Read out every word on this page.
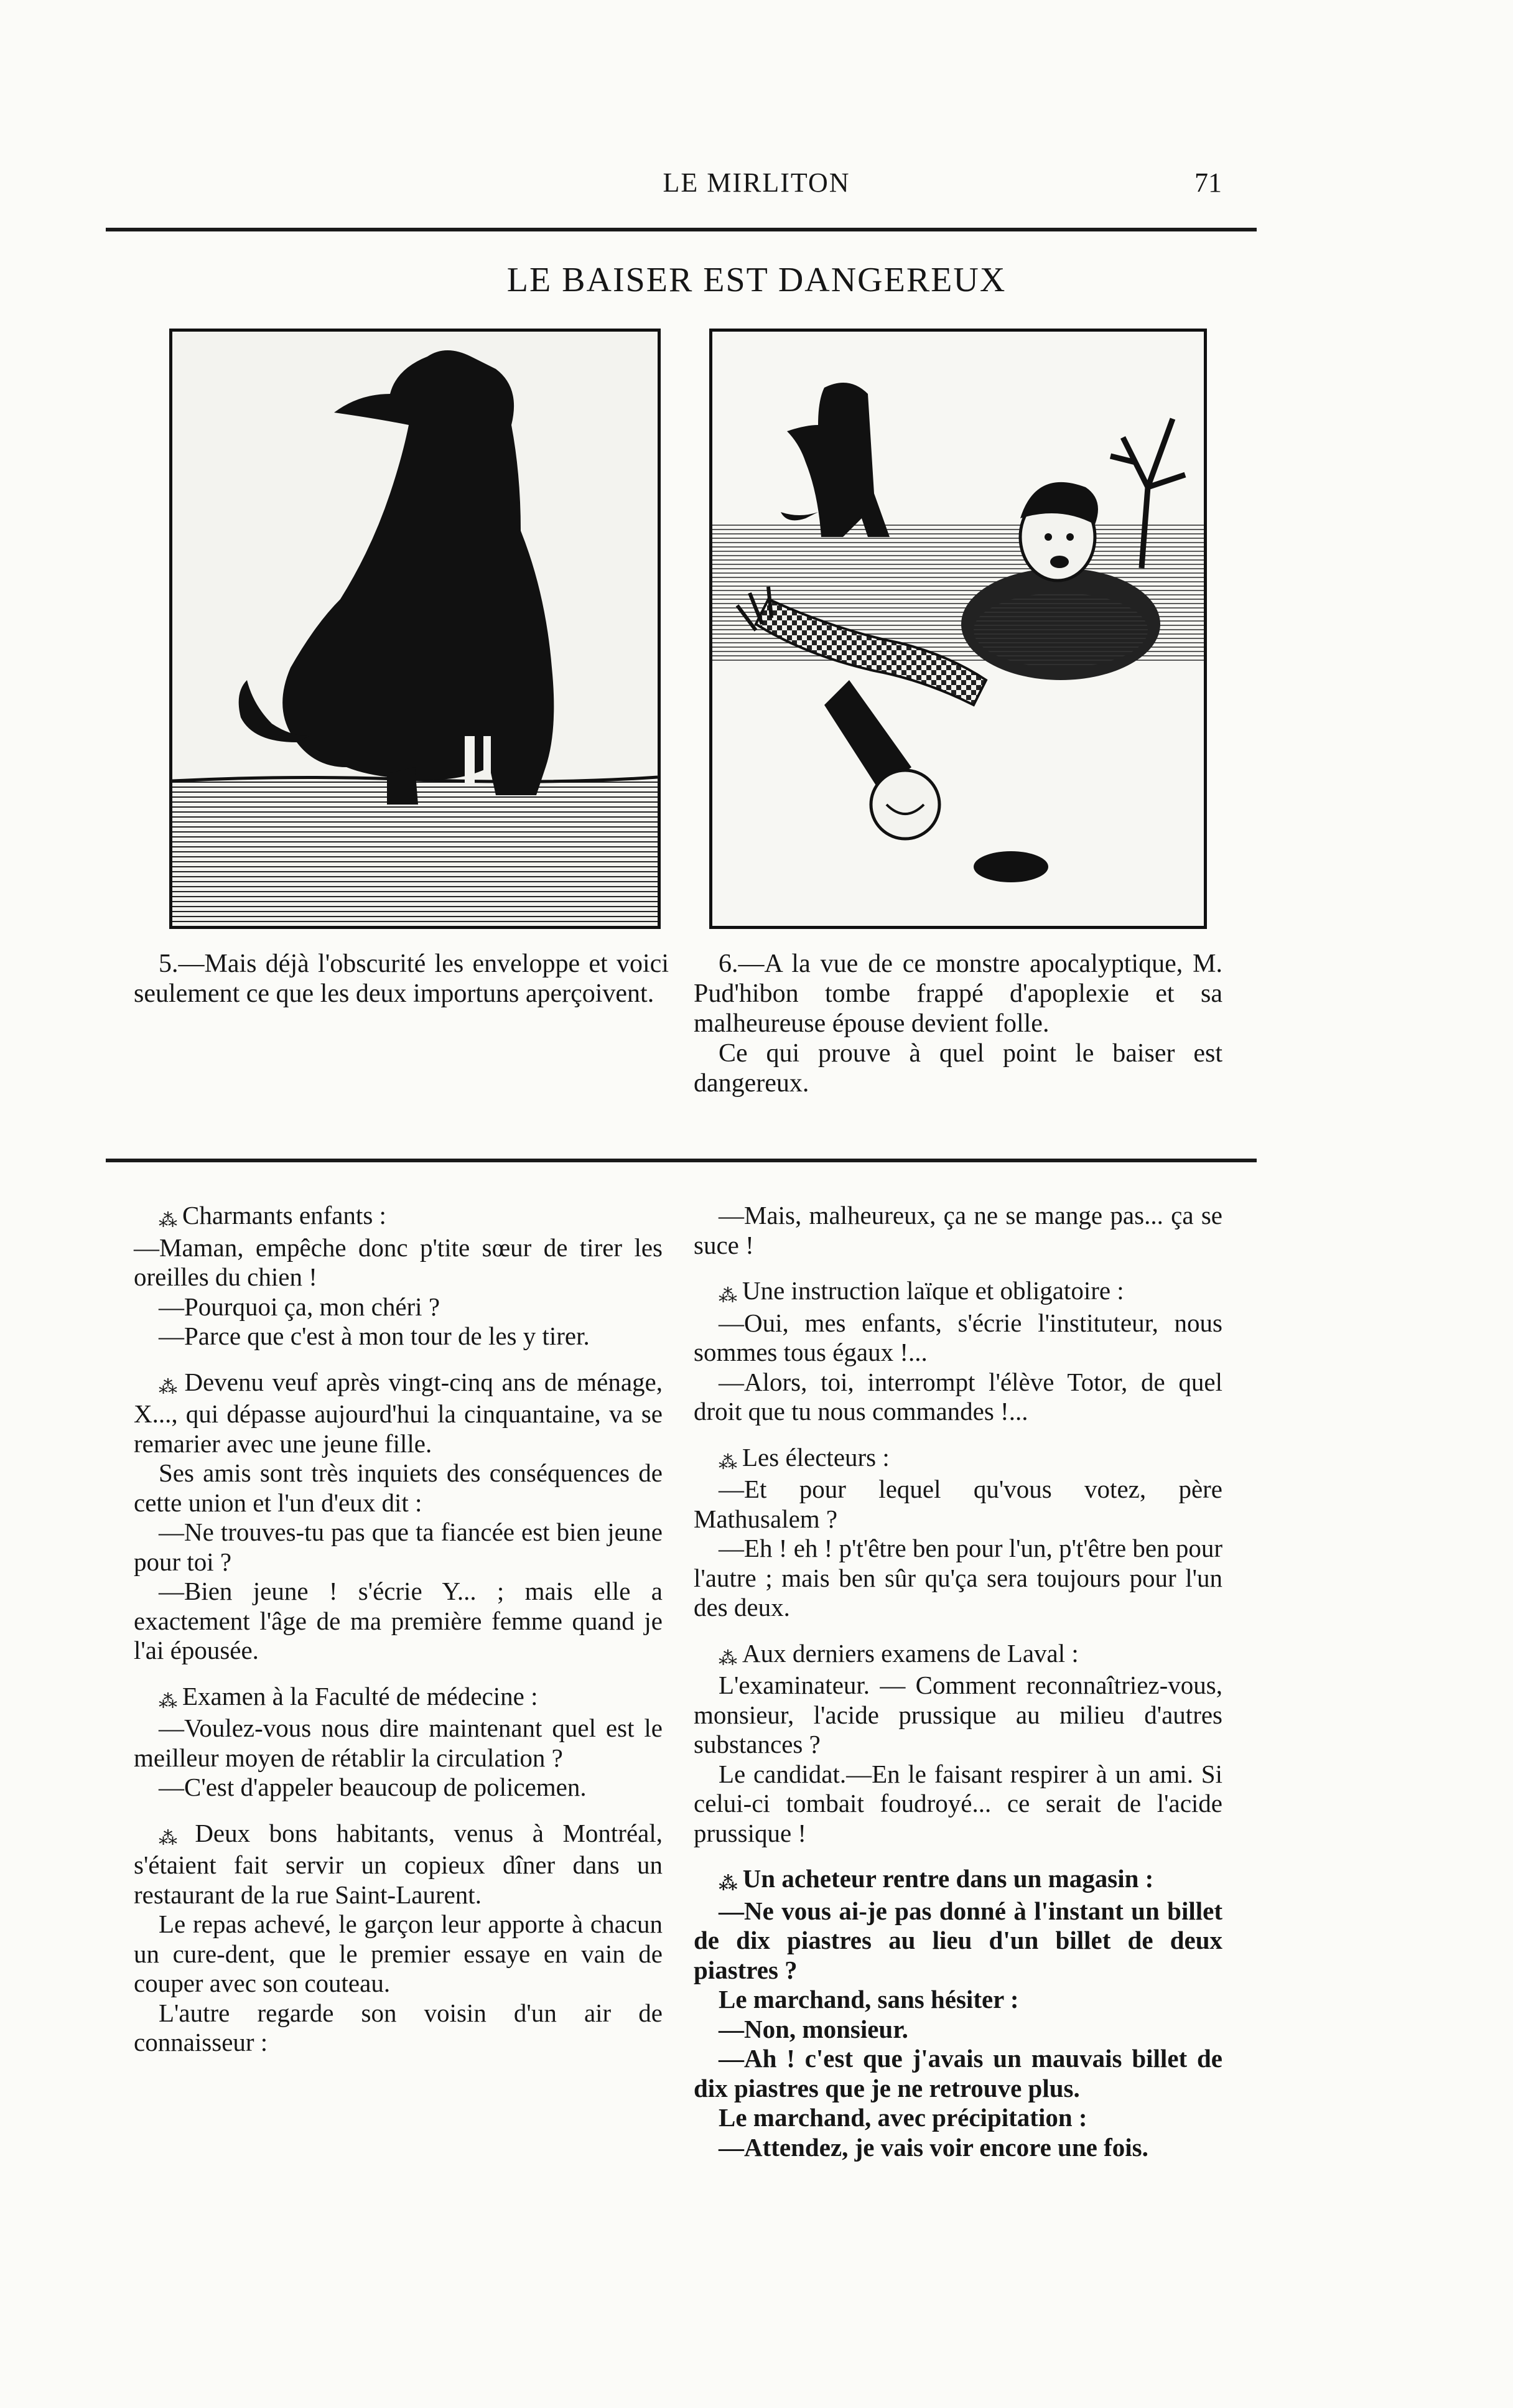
LE MIRLITON	71
LE BAISER EST DANGEREUX

5.—Mais déjà l'obscurité les enveloppe et voici seulement ce que les deux importuns aperçoivent.

6.—A la vue de ce monstre apocalyptique, M. Pud'hibon tombe frappé d'apoplexie et sa malheureuse épouse devient folle.

Ce qui prouve à quel point le baiser est dangereux.

⁂ Charmants enfants :

—Maman, empêche donc p'tite sœur de tirer les oreilles du chien !

—Pourquoi ça, mon chéri ?

—Parce que c'est à mon tour de les y tirer.

⁂ Devenu veuf après vingt-cinq ans de ménage, X..., qui dépasse aujourd'hui la cinquantaine, va se remarier avec une jeune fille.

Ses amis sont très inquiets des conséquences de cette union et l'un d'eux dit :

—Ne trouves-tu pas que ta fiancée est bien jeune pour toi ?

—Bien jeune ! s'écrie Y... ; mais elle a exactement l'âge de ma première femme quand je l'ai épousée.

⁂ Examen à la Faculté de médecine :

—Voulez-vous nous dire maintenant quel est le meilleur moyen de rétablir la circulation ?

—C'est d'appeler beaucoup de policemen.

⁂ Deux bons habitants, venus à Montréal, s'étaient fait servir un copieux dîner dans un restaurant de la rue Saint-Laurent.

Le repas achevé, le garçon leur apporte à chacun un cure-dent, que le premier essaye en vain de couper avec son couteau.

L'autre regarde son voisin d'un air de connaisseur :

—Mais, malheureux, ça ne se mange pas... ça se suce !

⁂ Une instruction laïque et obligatoire :

—Oui, mes enfants, s'écrie l'instituteur, nous sommes tous égaux !...

—Alors, toi, interrompt l'élève Totor, de quel droit que tu nous commandes !...

⁂ Les électeurs :

—Et pour lequel qu'vous votez, père Mathusalem ?

—Eh ! eh ! p't'être ben pour l'un, p't'être ben pour l'autre ; mais ben sûr qu'ça sera toujours pour l'un des deux.

⁂ Aux derniers examens de Laval :

L'examinateur. — Comment reconnaîtriez-vous, monsieur, l'acide prussique au milieu d'autres substances ?

Le candidat.—En le faisant respirer à un ami. Si celui-ci tombait foudroyé... ce serait de l'acide prussique !

⁂ Un acheteur rentre dans un magasin :

—Ne vous ai-je pas donné à l'instant un billet de dix piastres au lieu d'un billet de deux piastres ?

Le marchand, sans hésiter :

—Non, monsieur.

—Ah ! c'est que j'avais un mauvais billet de dix piastres que je ne retrouve plus.

Le marchand, avec précipitation :

—Attendez, je vais voir encore une fois.
